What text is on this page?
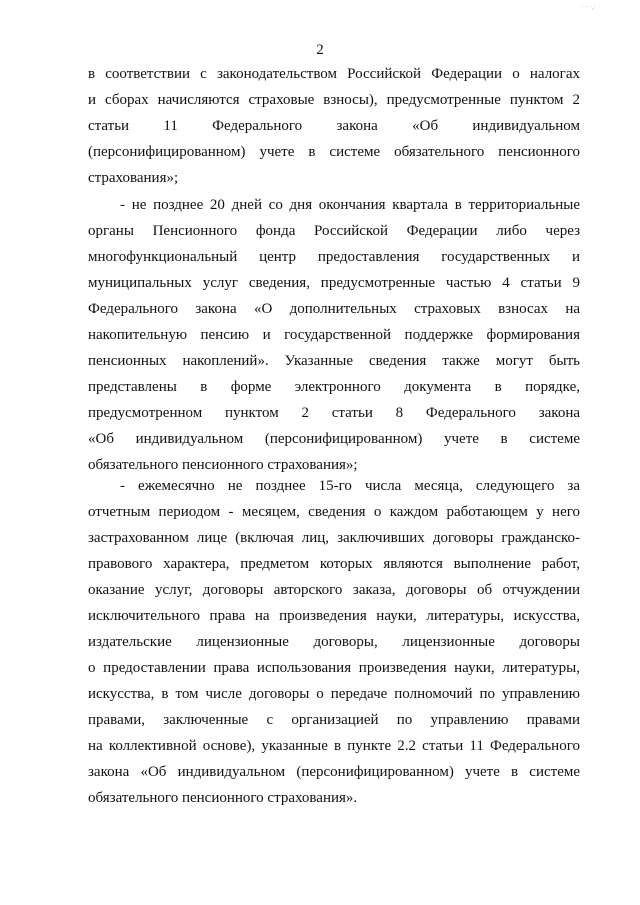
· · ·,·
2
в соответствии с законодательством Российской Федерации о налогах
и сборах начисляются страховые взносы), предусмотренные пунктом 2
статьи 11 Федерального закона «Об индивидуальном
(персонифицированном) учете в системе обязательного пенсионного
страхования»;
- не позднее 20 дней со дня окончания квартала в территориальные
органы Пенсионного фонда Российской Федерации либо через
многофункциональный центр предоставления государственных и
муниципальных услуг сведения, предусмотренные частью 4 статьи 9
Федерального закона «О дополнительных страховых взносах на
накопительную пенсию и государственной поддержке формирования
пенсионных накоплений». Указанные сведения также могут быть
представлены в форме электронного документа в порядке,
предусмотренном пунктом 2 статьи 8 Федерального закона
«Об индивидуальном (персонифицированном) учете в системе
обязательного пенсионного страхования»;
- ежемесячно не позднее 15-го числа месяца, следующего за
отчетным периодом - месяцем, сведения о каждом работающем у него
застрахованном лице (включая лиц, заключивших договоры гражданско-
правового характера, предметом которых являются выполнение работ,
оказание услуг, договоры авторского заказа, договоры об отчуждении
исключительного права на произведения науки, литературы, искусства,
издательские лицензионные договоры, лицензионные договоры
о предоставлении права использования произведения науки, литературы,
искусства, в том числе договоры о передаче полномочий по управлению
правами, заключенные с организацией по управлению правами
на коллективной основе), указанные в пункте 2.2 статьи 11 Федерального
закона «Об индивидуальном (персонифицированном) учете в системе
обязательного пенсионного страхования».
